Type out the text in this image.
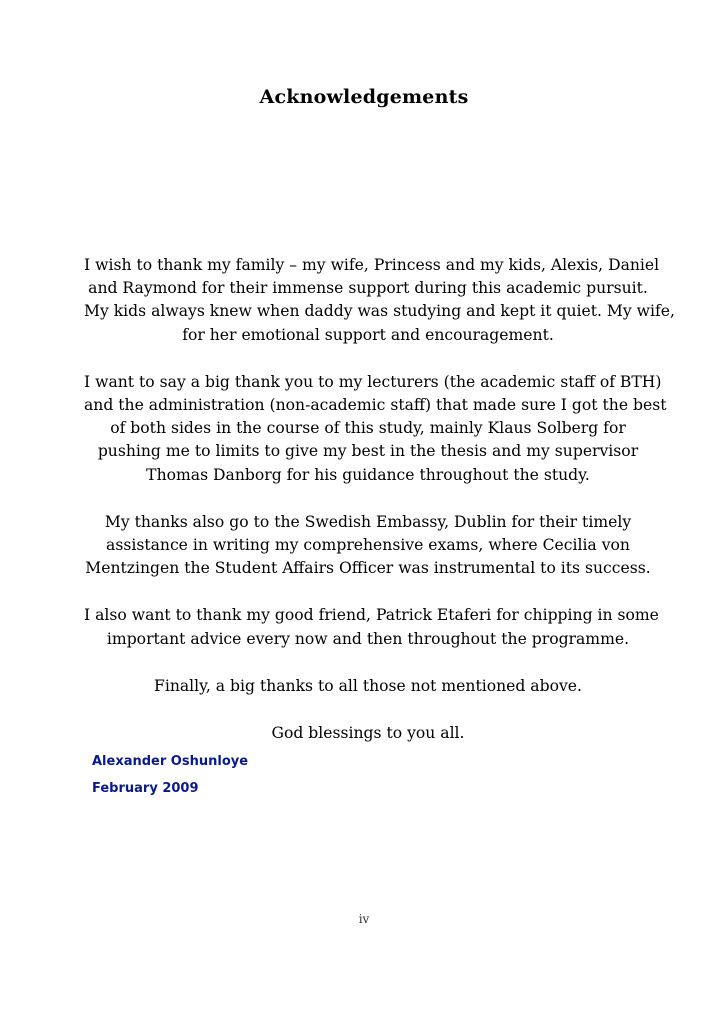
Acknowledgements

I wish to thank my family – my wife, Princess and my kids, Alexis, Daniel
and Raymond for their immense support during this academic pursuit.
My kids always knew when daddy was studying and kept it quiet. My wife,
for her emotional support and encouragement.

I want to say a big thank you to my lecturers (the academic staff of BTH)
and the administration (non-academic staff) that made sure I got the best
of both sides in the course of this study, mainly Klaus Solberg for
pushing me to limits to give my best in the thesis and my supervisor
Thomas Danborg for his guidance throughout the study.

My thanks also go to the Swedish Embassy, Dublin for their timely
assistance in writing my comprehensive exams, where Cecilia von
Mentzingen the Student Affairs Officer was instrumental to its success.

I also want to thank my good friend, Patrick Etaferi for chipping in some
important advice every now and then throughout the programme.

Finally, a big thanks to all those not mentioned above.

God blessings to you all.

Alexander Oshunloye
February 2009
iv
